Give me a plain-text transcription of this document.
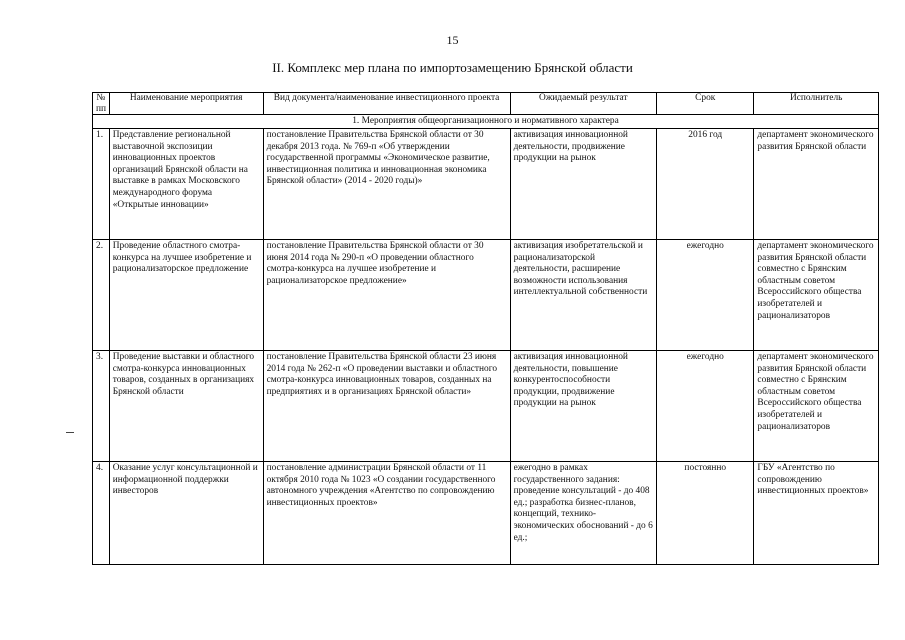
15
II. Комплекс мер плана по импортозамещению Брянской области
№ пп	Наименование мероприятия	Вид документа/наименование инвестиционного проекта	Ожидаемый результат	Срок	Исполнитель
1. Мероприятия общеорганизационного и нормативного характера					
1.	Представление региональной выставочной экспозиции инновационных проектов организаций Брянской области на выставке в рамках Московского международного форума «Открытые инновации»	постановление Правительства Брянской области от 30 декабря 2013 года. № 769-п «Об утверждении государственной программы «Экономическое развитие, инвестиционная политика и инновационная экономика Брянской области» (2014 - 2020 годы)»	активизация инновационной деятельности, продвижение продукции на рынок	2016 год	департамент экономического развития Брянской области
2.	Проведение областного смотра-конкурса на лучшее изобретение и рационализаторское предложение	постановление Правительства Брянской области от 30 июня 2014 года № 290-п «О проведении областного смотра-конкурса на лучшее изобретение и рационализаторское предложение»	активизация изобретательской и рационализаторской деятельности, расширение возможности использования интеллектуальной собственности	ежегодно	департамент экономического развития Брянской области совместно с Брянским областным советом Всероссийского общества изобретателей и рационализаторов
3.	Проведение выставки и областного смотра-конкурса инновационных товаров, созданных в организациях Брянской области	постановление Правительства Брянской области 23 июня 2014 года № 262-п «О проведении выставки и областного смотра-конкурса инновационных товаров, созданных на предприятиях и в организациях Брянской области»	активизация инновационной деятельности, повышение конкурентоспособности продукции, продвижение продукции на рынок	ежегодно	департамент экономического развития Брянской области совместно с Брянским областным советом Всероссийского общества изобретателей и рационализаторов
4.	Оказание услуг консультационной и информационной поддержки инвесторов	постановление администрации Брянской области от 11 октября 2010 года № 1023 «О создании государственного автономного учреждения «Агентство по сопровождению инвестиционных проектов»	ежегодно в рамках государственного задания: проведение консультаций - до 408 ед.; разработка бизнес-планов, концепций, технико-экономических обоснований - до 6 ед.;	постоянно	ГБУ «Агентство по сопровождению инвестиционных проектов»
